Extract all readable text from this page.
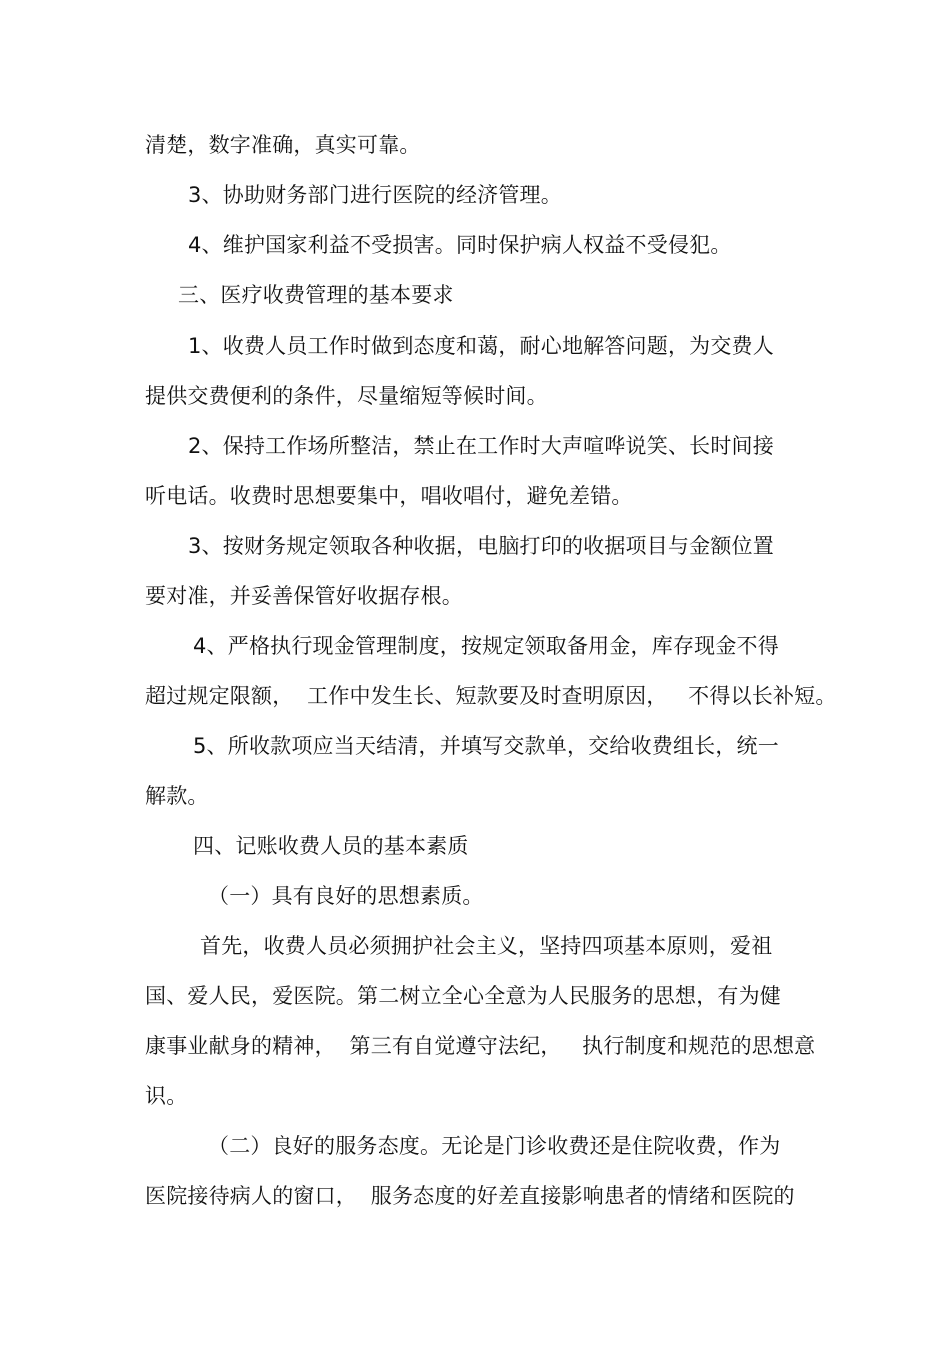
清楚，数字准确，真实可靠。
3、协助财务部门进行医院的经济管理。
4、维护国家利益不受损害。同时保护病人权益不受侵犯。
三、医疗收费管理的基本要求
1、收费人员工作时做到态度和蔼，耐心地解答问题，为交费人
提供交费便利的条件，尽量缩短等候时间。
2、保持工作场所整洁，禁止在工作时大声喧哗说笑、长时间接
听电话。收费时思想要集中，唱收唱付，避免差错。
3、按财务规定领取各种收据，电脑打印的收据项目与金额位置
要对准，并妥善保管好收据存根。
4、严格执行现金管理制度，按规定领取备用金，库存现金不得
超过规定限额，  工作中发生长、短款要及时查明原因，   不得以长补短。
5、所收款项应当天结清，并填写交款单，交给收费组长，统一
解款。
四、记账收费人员的基本素质
（一）具有良好的思想素质。
首先，收费人员必须拥护社会主义，坚持四项基本原则，爱祖
国、爱人民，爱医院。第二树立全心全意为人民服务的思想，有为健
康事业献身的精神，  第三有自觉遵守法纪，   执行制度和规范的思想意
识。
（二）良好的服务态度。无论是门诊收费还是住院收费，作为
医院接待病人的窗口，  服务态度的好差直接影响患者的情绪和医院的
